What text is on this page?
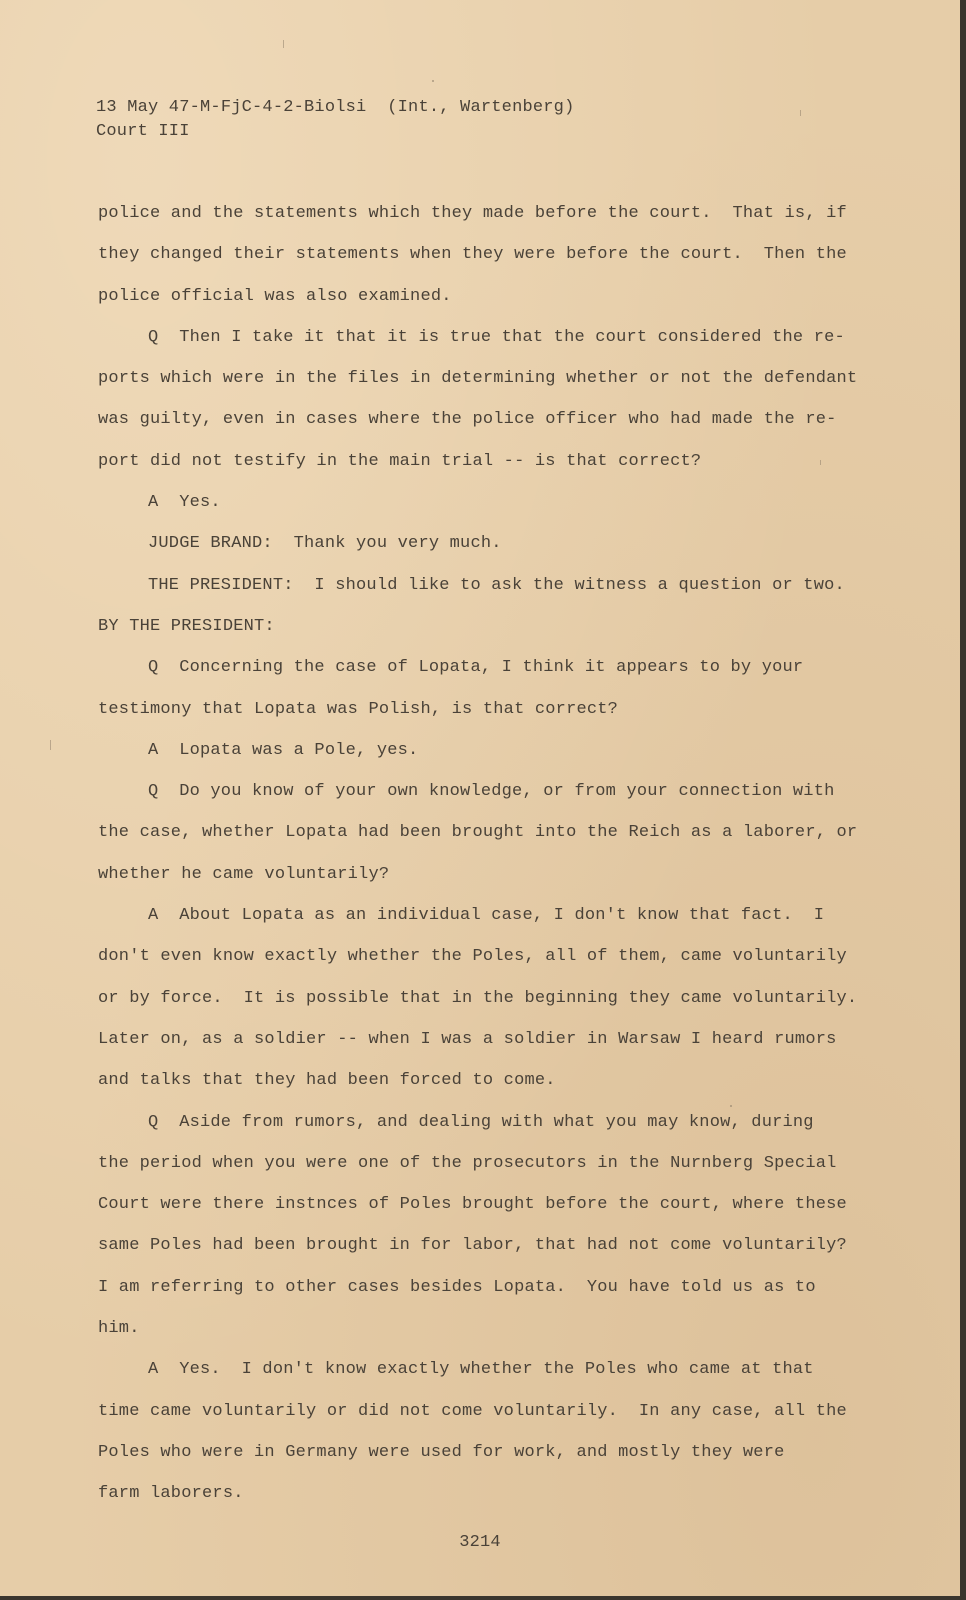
13 May 47-M-FjC-4-2-Biolsi  (Int., Wartenberg)
Court III
police and the statements which they made before the court.  That is, if
they changed their statements when they were before the court.  Then the
police official was also examined.
Q  Then I take it that it is true that the court considered the re-
ports which were in the files in determining whether or not the defendant
was guilty, even in cases where the police officer who had made the re-
port did not testify in the main trial -- is that correct?
A  Yes.
JUDGE BRAND:  Thank you very much.
THE PRESIDENT:  I should like to ask the witness a question or two.
BY THE PRESIDENT:
Q  Concerning the case of Lopata, I think it appears to by your
testimony that Lopata was Polish, is that correct?
A  Lopata was a Pole, yes.
Q  Do you know of your own knowledge, or from your connection with
the case, whether Lopata had been brought into the Reich as a laborer, or
whether he came voluntarily?
A  About Lopata as an individual case, I don't know that fact.  I
don't even know exactly whether the Poles, all of them, came voluntarily
or by force.  It is possible that in the beginning they came voluntarily.
Later on, as a soldier -- when I was a soldier in Warsaw I heard rumors
and talks that they had been forced to come.
Q  Aside from rumors, and dealing with what you may know, during
the period when you were one of the prosecutors in the Nurnberg Special
Court were there instnces of Poles brought before the court, where these
same Poles had been brought in for labor, that had not come voluntarily?
I am referring to other cases besides Lopata.  You have told us as to
him.
A  Yes.  I don't know exactly whether the Poles who came at that
time came voluntarily or did not come voluntarily.  In any case, all the
Poles who were in Germany were used for work, and mostly they were
farm laborers.
3214
